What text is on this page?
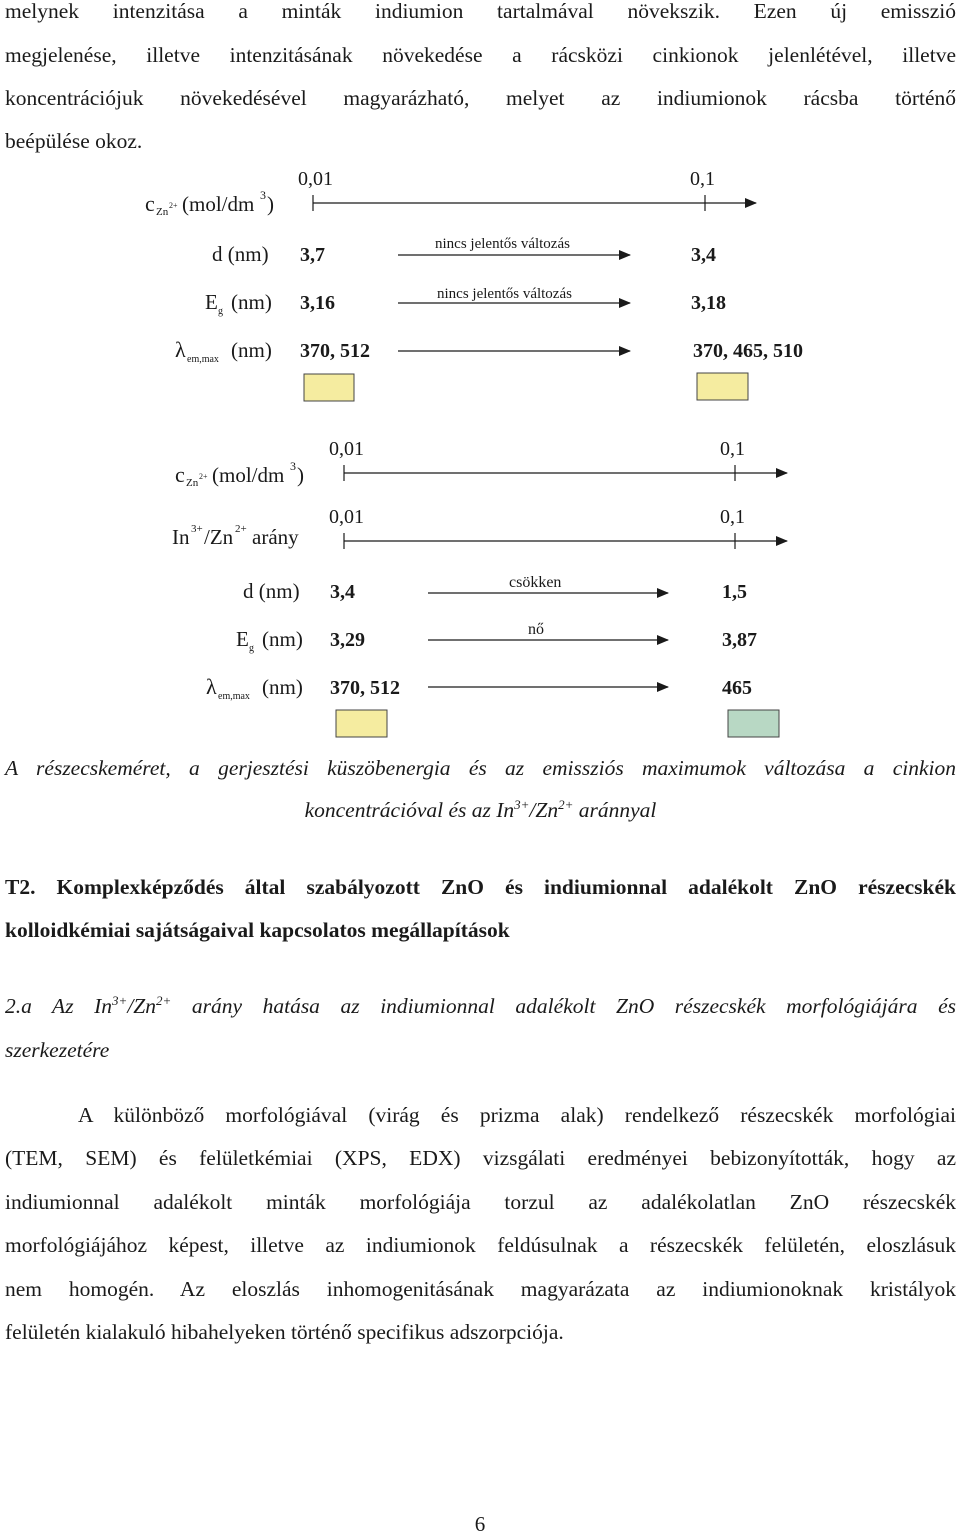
melynek intenzitása a minták indiumion tartalmával növekszik. Ezen új emisszió
megjelenése, illetve intenzitásának növekedése a rácsközi cinkionok jelenlétével, illetve
koncentrációjuk növekedésével magyarázható, melyet az indiumionok rácsba történő
beépülése okoz.
c Zn
2+ (mol/dm 3 )
0,01	0,1
d (nm) 3,7	nincs jelentős változás	3,4
E g (nm) 3,16	nincs jelentős változás	3,18
λ em,max (nm) 370, 512	370, 465, 510
c Zn
2+ (mol/dm 3 )
0,01	0,1
In 3+ /Zn 2+ arány
0,01	0,1
d (nm) 3,4	csökken	1,5
E g (nm) 3,29	nő	3,87
λ em,max (nm) 370, 512	465
A részecskeméret, a gerjesztési küszöbenergia és az emissziós maximumok változása a cinkion
koncentrációval és az $In^{3+}/Zn^{2+}$ aránnyal
T2. Komplexképződés által szabályozott ZnO és indiumionnal adalékolt ZnO részecskék
kolloidkémiai sajátságaival kapcsolatos megállapítások
2.a Az $In^{3+}/Zn^{2+}$ arány hatása az indiumionnal adalékolt ZnO részecskék morfológiájára és
szerkezetére
A különböző morfológiával (virág és prizma alak) rendelkező részecskék morfológiai
(TEM, SEM) és felületkémiai (XPS, EDX) vizsgálati eredményei bebizonyították, hogy az
indiumionnal adalékolt minták morfológiája torzul az adalékolatlan ZnO részecskék
morfológiájához képest, illetve az indiumionok feldúsulnak a részecskék felületén, eloszlásuk
nem homogén. Az eloszlás inhomogenitásának magyarázata az indiumionoknak kristályok
felületén kialakuló hibahelyeken történő specifikus adszorpciója.
6
